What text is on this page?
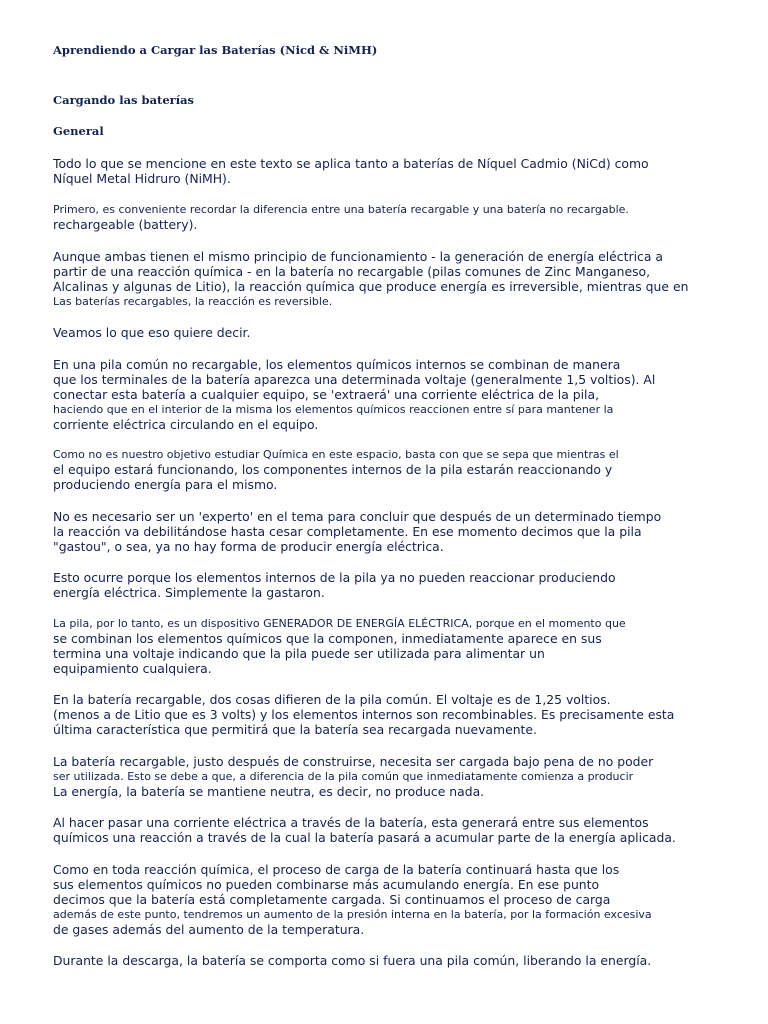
Aprendiendo a Cargar las Baterías (Nicd & NiMH)
Cargando las baterías
General
Todo lo que se mencione en este texto se aplica tanto a baterías de Níquel Cadmio (NiCd) como
Níquel Metal Hidruro (NiMH).
Primero, es conveniente recordar la diferencia entre una batería recargable y una batería no recargable.
rechargeable (battery).
Aunque ambas tienen el mismo principio de funcionamiento - la generación de energía eléctrica a
partir de una reacción química - en la batería no recargable (pilas comunes de Zinc Manganeso,
Alcalinas y algunas de Litio), la reacción química que produce energía es irreversible, mientras que en
Las baterías recargables, la reacción es reversible.
Veamos lo que eso quiere decir.
En una pila común no recargable, los elementos químicos internos se combinan de manera
que los terminales de la batería aparezca una determinada voltaje (generalmente 1,5 voltios). Al
conectar esta batería a cualquier equipo, se 'extraerá' una corriente eléctrica de la pila,
haciendo que en el interior de la misma los elementos químicos reaccionen entre sí para mantener la
corriente eléctrica circulando en el equipo.
Como no es nuestro objetivo estudiar Química en este espacio, basta con que se sepa que mientras el
el equipo estará funcionando, los componentes internos de la pila estarán reaccionando y
produciendo energía para el mismo.
No es necesario ser un 'experto' en el tema para concluir que después de un determinado tiempo
la reacción va debilitándose hasta cesar completamente. En ese momento decimos que la pila
"gastou", o sea, ya no hay forma de producir energía eléctrica.
Esto ocurre porque los elementos internos de la pila ya no pueden reaccionar produciendo
energía eléctrica. Simplemente la gastaron.
La pila, por lo tanto, es un dispositivo GENERADOR DE ENERGÍA ELÉCTRICA, porque en el momento que
se combinan los elementos químicos que la componen, inmediatamente aparece en sus
termina una voltaje indicando que la pila puede ser utilizada para alimentar un
equipamiento cualquiera.
En la batería recargable, dos cosas difieren de la pila común. El voltaje es de 1,25 voltios.
(menos a de Litio que es 3 volts) y los elementos internos son recombinables. Es precisamente esta
última característica que permitirá que la batería sea recargada nuevamente.
La batería recargable, justo después de construirse, necesita ser cargada bajo pena de no poder
ser utilizada. Esto se debe a que, a diferencia de la pila común que inmediatamente comienza a producir
La energía, la batería se mantiene neutra, es decir, no produce nada.
Al hacer pasar una corriente eléctrica a través de la batería, esta generará entre sus elementos
químicos una reacción a través de la cual la batería pasará a acumular parte de la energía aplicada.
Como en toda reacción química, el proceso de carga de la batería continuará hasta que los
sus elementos químicos no pueden combinarse más acumulando energía. En ese punto
decimos que la batería está completamente cargada. Si continuamos el proceso de carga
además de este punto, tendremos un aumento de la presión interna en la batería, por la formación excesiva
de gases además del aumento de la temperatura.
Durante la descarga, la batería se comporta como si fuera una pila común, liberando la energía.
